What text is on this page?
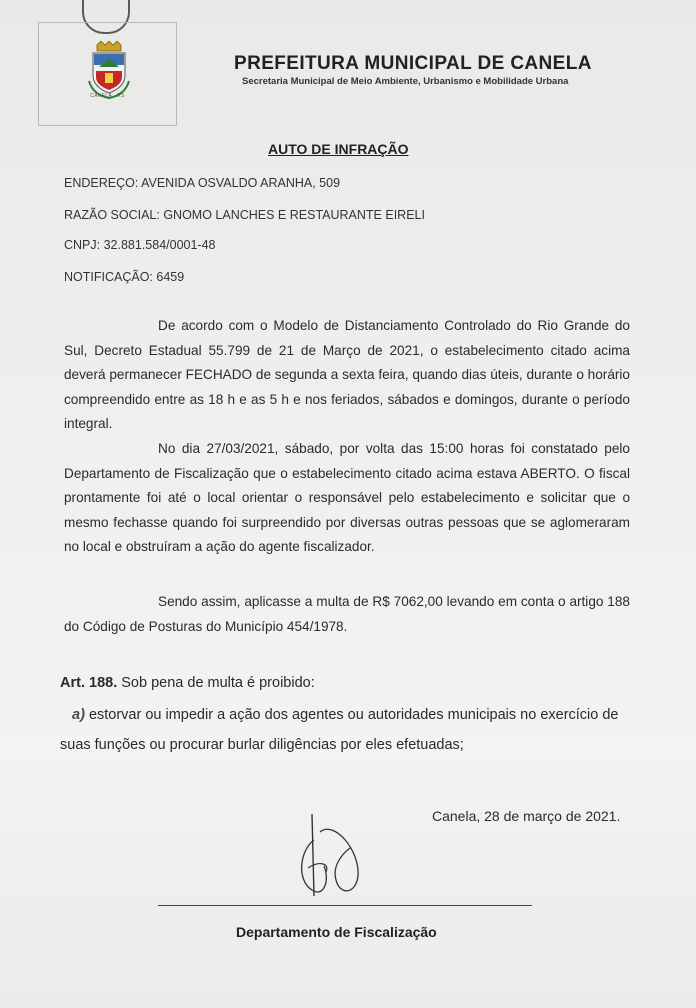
CANELA - RS
PREFEITURA MUNICIPAL DE CANELA
Secretaria Municipal de Meio Ambiente, Urbanismo e Mobilidade Urbana
AUTO DE INFRAÇÃO
ENDEREÇO: AVENIDA OSVALDO ARANHA, 509
RAZÃO SOCIAL: GNOMO LANCHES E RESTAURANTE EIRELI
CNPJ: 32.881.584/0001-48
NOTIFICAÇÃO: 6459
De acordo com o Modelo de Distanciamento Controlado do Rio Grande do Sul, Decreto Estadual 55.799 de 21 de Março de 2021, o estabelecimento citado acima deverá permanecer FECHADO de segunda a sexta feira, quando dias úteis, durante o horário compreendido entre as 18 h e as 5 h e nos feriados, sábados e domingos, durante o período integral.
No dia 27/03/2021, sábado, por volta das 15:00 horas foi constatado pelo Departamento de Fiscalização que o estabelecimento citado acima estava ABERTO. O fiscal prontamente foi até o local orientar o responsável pelo estabelecimento e solicitar que o mesmo fechasse quando foi surpreendido por diversas outras pessoas que se aglomeraram no local e obstruíram a ação do agente fiscalizador.
Sendo assim, aplicasse a multa de R$ 7062,00 levando em conta o artigo 188 do Código de Posturas do Município 454/1978.
Art. 188. Sob pena de multa é proibido:
a) estorvar ou impedir a ação dos agentes ou autoridades municipais no exercício de suas funções ou procurar burlar diligências por eles efetuadas;
Canela, 28 de março de 2021.
Departamento de Fiscalização
